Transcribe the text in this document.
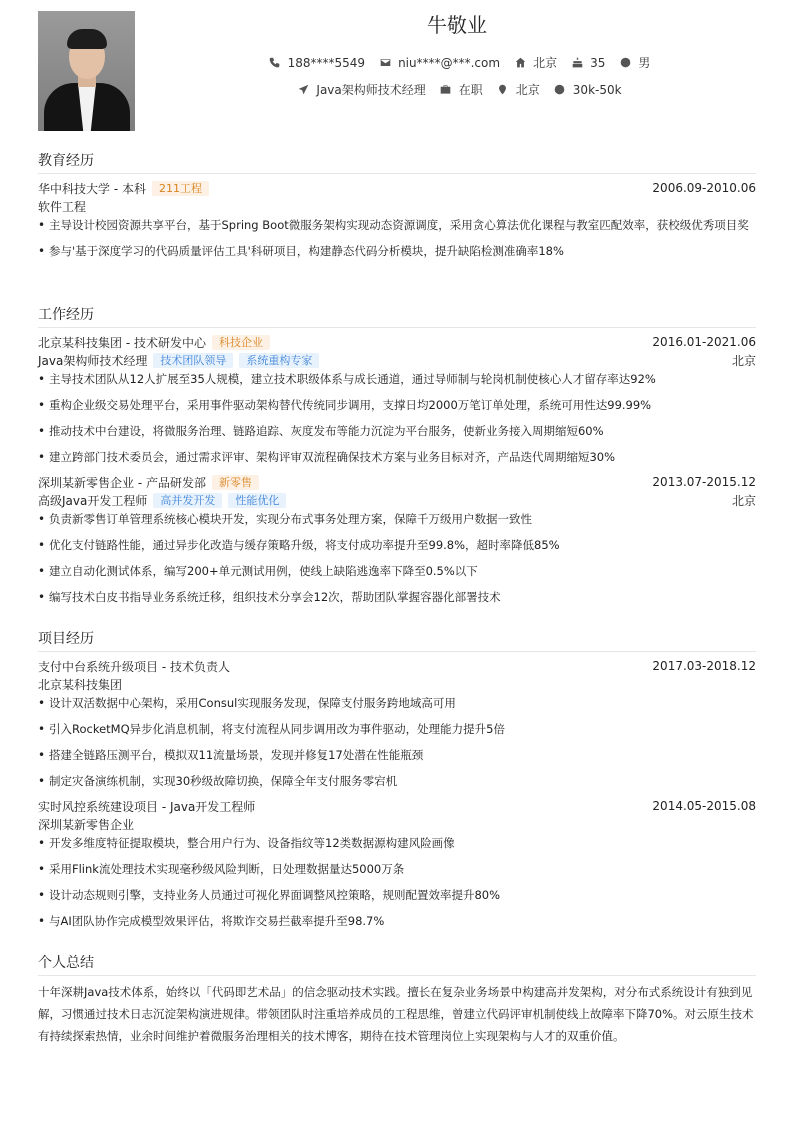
牛敬业
188****5549	niu****@***.com	北京	35	男
Java架构师技术经理	在职	北京	30k-50k
教育经历
华中科技大学 - 本科	211工程	2006.09-2010.06
软件工程
• 主导设计校园资源共享平台，基于Spring Boot微服务架构实现动态资源调度，采用贪心算法优化课程与教室匹配效率，获校级优秀项目奖
• 参与'基于深度学习的代码质量评估工具'科研项目，构建静态代码分析模块，提升缺陷检测准确率18%
工作经历
北京某科技集团 - 技术研发中心	科技企业	2016.01-2021.06
Java架构师技术经理	技术团队领导	系统重构专家	北京
• 主导技术团队从12人扩展至35人规模，建立技术职级体系与成长通道，通过导师制与轮岗机制使核心人才留存率达92%
• 重构企业级交易处理平台，采用事件驱动架构替代传统同步调用，支撑日均2000万笔订单处理，系统可用性达99.99%
• 推动技术中台建设，将微服务治理、链路追踪、灰度发布等能力沉淀为平台服务，使新业务接入周期缩短60%
• 建立跨部门技术委员会，通过需求评审、架构评审双流程确保技术方案与业务目标对齐，产品迭代周期缩短30%
深圳某新零售企业 - 产品研发部	新零售	2013.07-2015.12
高级Java开发工程师	高并发开发	性能优化	北京
• 负责新零售订单管理系统核心模块开发，实现分布式事务处理方案，保障千万级用户数据一致性
• 优化支付链路性能，通过异步化改造与缓存策略升级，将支付成功率提升至99.8%，超时率降低85%
• 建立自动化测试体系，编写200+单元测试用例，使线上缺陷逃逸率下降至0.5%以下
• 编写技术白皮书指导业务系统迁移，组织技术分享会12次，帮助团队掌握容器化部署技术
项目经历
支付中台系统升级项目 - 技术负责人	2017.03-2018.12
北京某科技集团
• 设计双活数据中心架构，采用Consul实现服务发现，保障支付服务跨地域高可用
• 引入RocketMQ异步化消息机制，将支付流程从同步调用改为事件驱动，处理能力提升5倍
• 搭建全链路压测平台，模拟双11流量场景，发现并修复17处潜在性能瓶颈
• 制定灾备演练机制，实现30秒级故障切换，保障全年支付服务零宕机
实时风控系统建设项目 - Java开发工程师	2014.05-2015.08
深圳某新零售企业
• 开发多维度特征提取模块，整合用户行为、设备指纹等12类数据源构建风险画像
• 采用Flink流处理技术实现毫秒级风险判断，日处理数据量达5000万条
• 设计动态规则引擎，支持业务人员通过可视化界面调整风控策略，规则配置效率提升80%
• 与AI团队协作完成模型效果评估，将欺诈交易拦截率提升至98.7%
个人总结
十年深耕Java技术体系，始终以「代码即艺术品」的信念驱动技术实践。擅长在复杂业务场景中构建高并发架构，对分布式系统设计有独到见解，习惯通过技术日志沉淀架构演进规律。带领团队时注重培养成员的工程思维，曾建立代码评审机制使线上故障率下降70%。对云原生技术有持续探索热情，业余时间维护着微服务治理相关的技术博客，期待在技术管理岗位上实现架构与人才的双重价值。
